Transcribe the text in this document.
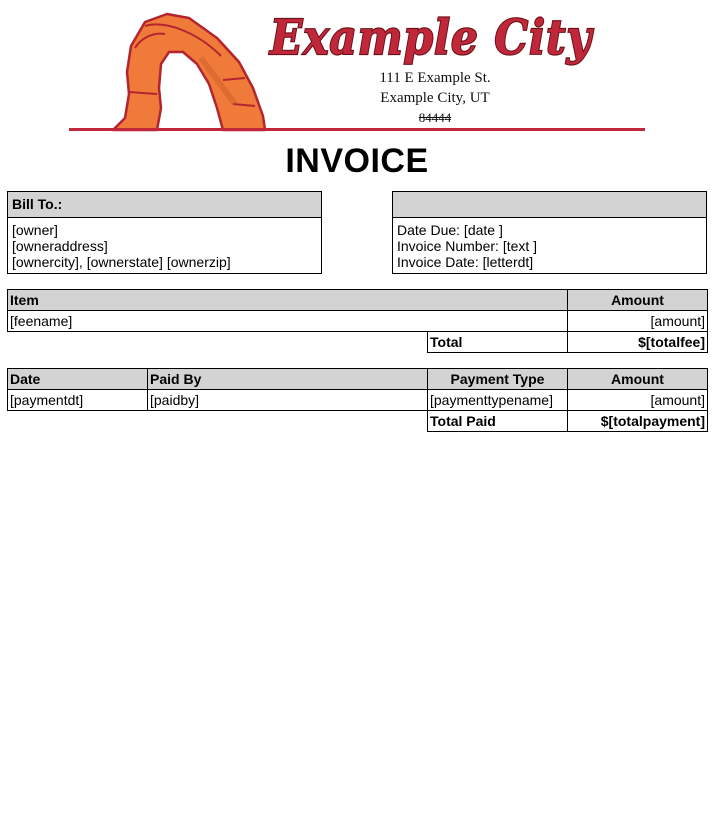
Example City
111 E Example St.
Example City, UT
84444
INVOICE
Bill To.:
[owner]
[owneraddress]
[ownercity], [ownerstate] [ownerzip]
Date Due: [date ]
Invoice Number: [text ]
Invoice Date: [letterdt]
Item		Amount
[feename]		[amount]
	Total	$[totalfee]
Date	Paid By	Payment Type	Amount
[paymentdt]	[paidby]	[paymenttypename]	[amount]
		Total Paid	$[totalpayment]
